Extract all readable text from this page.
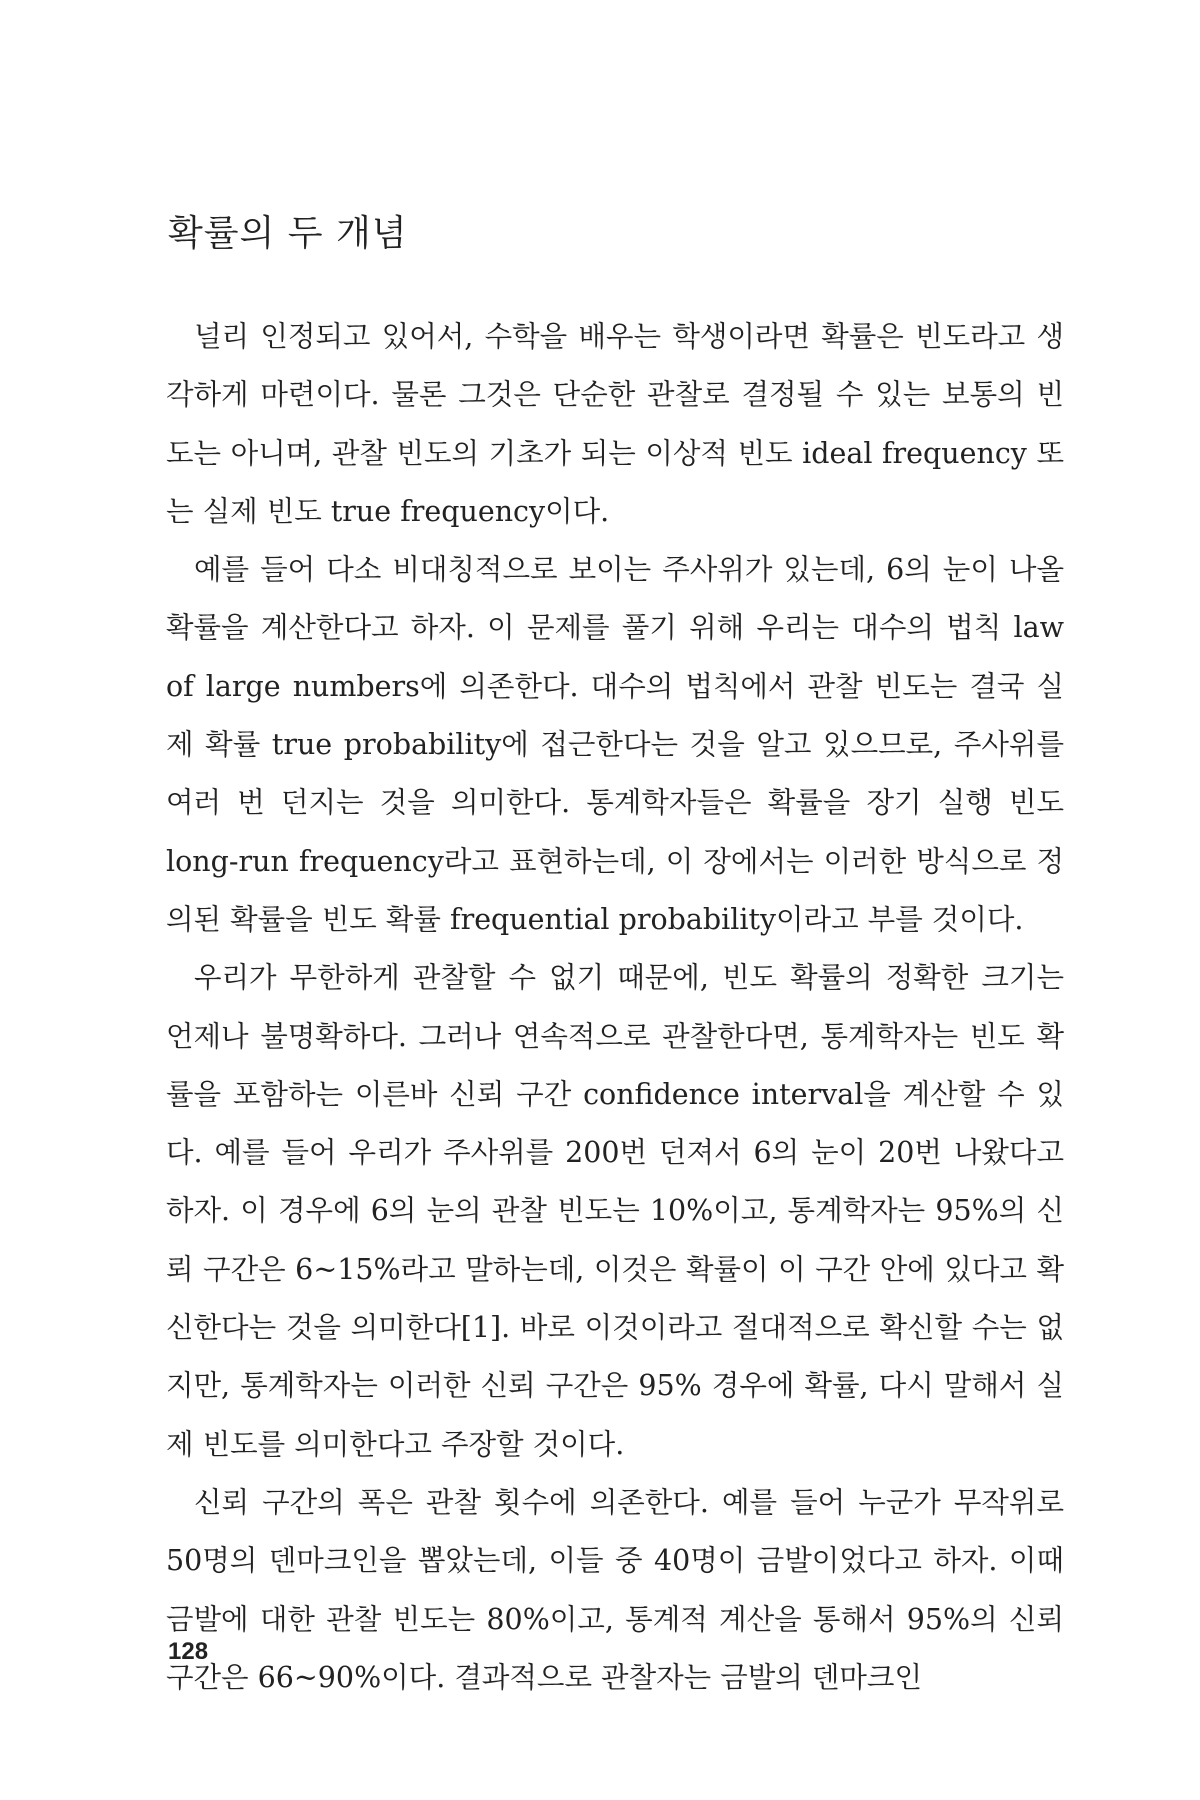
확률의 두 개념

널리 인정되고 있어서, 수학을 배우는 학생이라면 확률은 빈도라고 생각하게 마련이다. 물론 그것은 단순한 관찰로 결정될 수 있는 보통의 빈도는 아니며, 관찰 빈도의 기초가 되는 이상적 빈도 ideal frequency 또는 실제 빈도 true frequency이다.

예를 들어 다소 비대칭적으로 보이는 주사위가 있는데, 6의 눈이 나올 확률을 계산한다고 하자. 이 문제를 풀기 위해 우리는 대수의 법칙 law of large numbers에 의존한다. 대수의 법칙에서 관찰 빈도는 결국 실제 확률 true probability에 접근한다는 것을 알고 있으므로, 주사위를 여러 번 던지는 것을 의미한다. 통계학자들은 확률을 장기 실행 빈도 long-run frequency라고 표현하는데, 이 장에서는 이러한 방식으로 정의된 확률을 빈도 확률 frequential probability이라고 부를 것이다.

우리가 무한하게 관찰할 수 없기 때문에, 빈도 확률의 정확한 크기는 언제나 불명확하다. 그러나 연속적으로 관찰한다면, 통계학자는 빈도 확률을 포함하는 이른바 신뢰 구간 confidence interval을 계산할 수 있다. 예를 들어 우리가 주사위를 200번 던져서 6의 눈이 20번 나왔다고 하자. 이 경우에 6의 눈의 관찰 빈도는 10%이고, 통계학자는 95%의 신뢰 구간은 6~15%라고 말하는데, 이것은 확률이 이 구간 안에 있다고 확신한다는 것을 의미한다[1]. 바로 이것이라고 절대적으로 확신할 수는 없지만, 통계학자는 이러한 신뢰 구간은 95% 경우에 확률, 다시 말해서 실제 빈도를 의미한다고 주장할 것이다.

신뢰 구간의 폭은 관찰 횟수에 의존한다. 예를 들어 누군가 무작위로 50명의 덴마크인을 뽑았는데, 이들 중 40명이 금발이었다고 하자. 이때 금발에 대한 관찰 빈도는 80%이고, 통계적 계산을 통해서 95%의 신뢰 구간은 66~90%이다. 결과적으로 관찰자는 금발의 덴마크인

128
